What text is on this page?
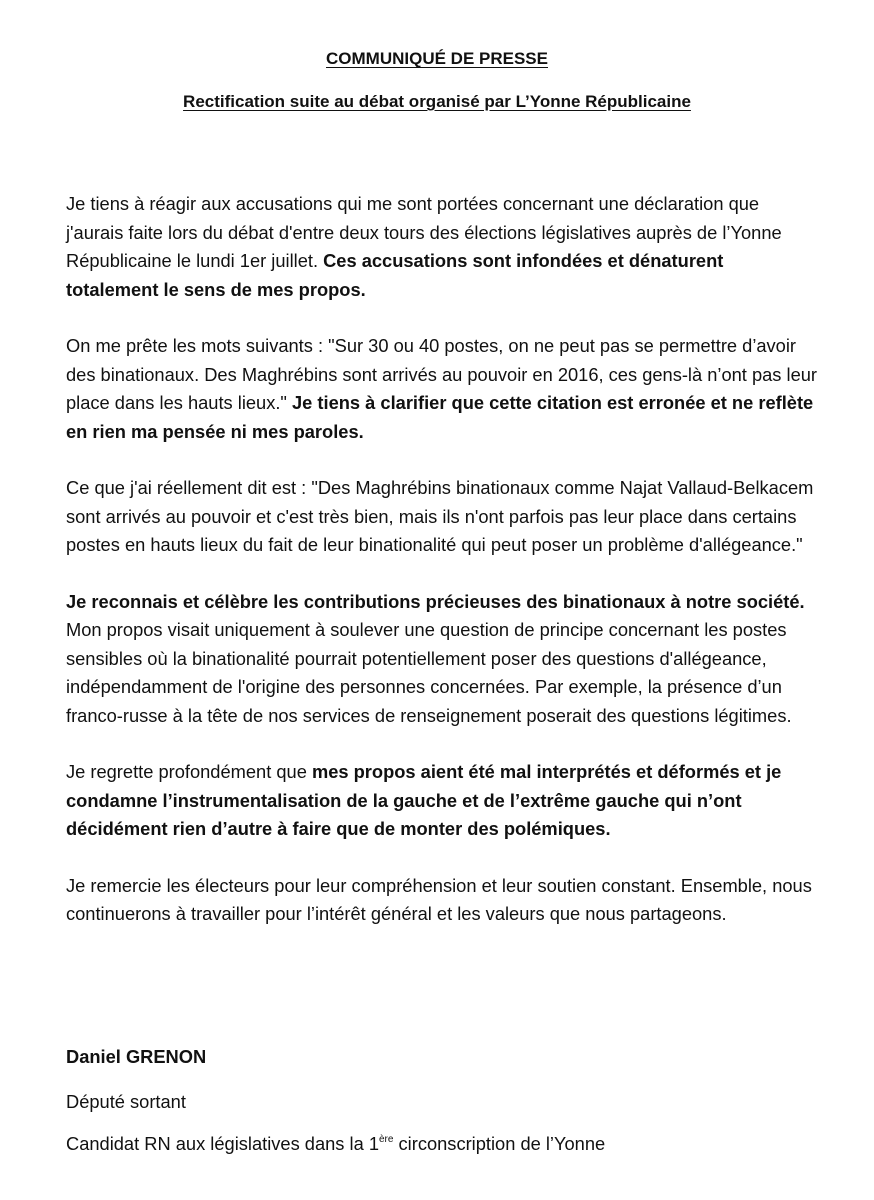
COMMUNIQUÉ DE PRESSE
Rectification suite au débat organisé par L’Yonne Républicaine

Je tiens à réagir aux accusations qui me sont portées concernant une déclaration que j'aurais faite lors du débat d'entre deux tours des élections législatives auprès de l’Yonne Républicaine le lundi 1er juillet. Ces accusations sont infondées et dénaturent totalement le sens de mes propos.

On me prête les mots suivants : "Sur 30 ou 40 postes, on ne peut pas se permettre d’avoir des binationaux. Des Maghrébins sont arrivés au pouvoir en 2016, ces gens-là n’ont pas leur place dans les hauts lieux." Je tiens à clarifier que cette citation est erronée et ne reflète en rien ma pensée ni mes paroles.

Ce que j'ai réellement dit est : "Des Maghrébins binationaux comme Najat Vallaud-Belkacem sont arrivés au pouvoir et c'est très bien, mais ils n'ont parfois pas leur place dans certains postes en hauts lieux du fait de leur binationalité qui peut poser un problème d'allégeance."

Je reconnais et célèbre les contributions précieuses des binationaux à notre société. Mon propos visait uniquement à soulever une question de principe concernant les postes sensibles où la binationalité pourrait potentiellement poser des questions d'allégeance, indépendamment de l'origine des personnes concernées. Par exemple, la présence d’un franco-russe à la tête de nos services de renseignement poserait des questions légitimes.

Je regrette profondément que mes propos aient été mal interprétés et déformés et je condamne l’instrumentalisation de la gauche et de l’extrême gauche qui n’ont décidément rien d’autre à faire que de monter des polémiques.

Je remercie les électeurs pour leur compréhension et leur soutien constant. Ensemble, nous continuerons à travailler pour l’intérêt général et les valeurs que nous partageons.

Daniel GRENON

Député sortant

Candidat RN aux législatives dans la 1ère circonscription de l’Yonne
